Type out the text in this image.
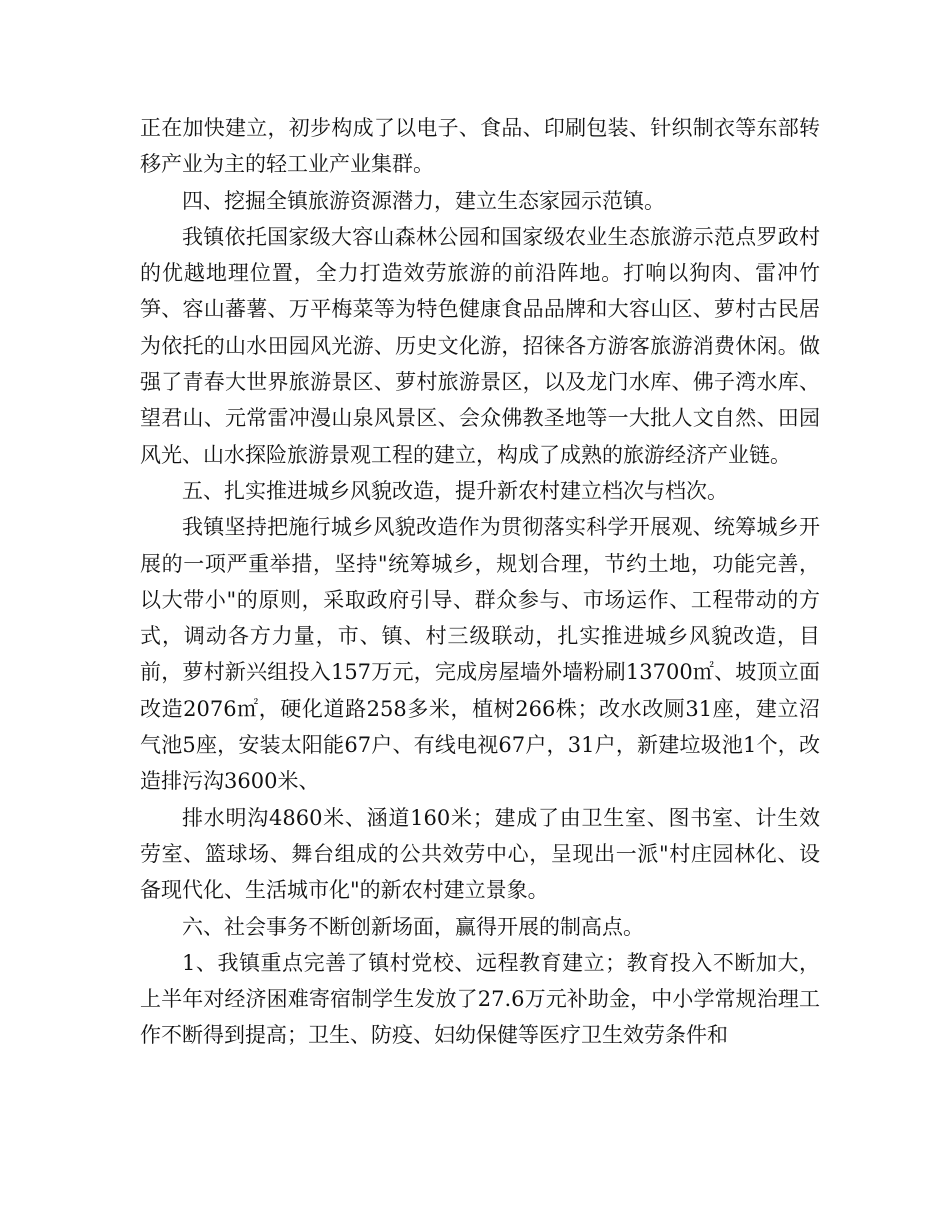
正在加快建立，初步构成了以电子、食品、印刷包装、针织制衣等东部转移产业为主的轻工业产业集群。

四、挖掘全镇旅游资源潜力，建立生态家园示范镇。

我镇依托国家级大容山森林公园和国家级农业生态旅游示范点罗政村的优越地理位置，全力打造效劳旅游的前沿阵地。打响以狗肉、雷冲竹笋、容山蕃薯、万平梅菜等为特色健康食品品牌和大容山区、萝村古民居为依托的山水田园风光游、历史文化游，招徕各方游客旅游消费休闲。做强了青春大世界旅游景区、萝村旅游景区，以及龙门水库、佛子湾水库、望君山、元常雷冲漫山泉风景区、会众佛教圣地等一大批人文自然、田园风光、山水探险旅游景观工程的建立，构成了成熟的旅游经济产业链。

五、扎实推进城乡风貌改造，提升新农村建立档次与档次。

我镇坚持把施行城乡风貌改造作为贯彻落实科学开展观、统筹城乡开展的一项严重举措，坚持"统筹城乡，规划合理，节约土地，功能完善，以大带小"的原则，采取政府引导、群众参与、市场运作、工程带动的方式，调动各方力量，市、镇、村三级联动，扎实推进城乡风貌改造，目前，萝村新兴组投入157万元，完成房屋墙外墙粉刷13700㎡、坡顶立面改造2076㎡，硬化道路258多米，植树266株；改水改厕31座，建立沼气池5座，安装太阳能67户、有线电视67户，31户，新建垃圾池1个，改造排污沟3600米、

排水明沟4860米、涵道160米；建成了由卫生室、图书室、计生效劳室、篮球场、舞台组成的公共效劳中心，呈现出一派"村庄园林化、设备现代化、生活城市化"的新农村建立景象。

六、社会事务不断创新场面，赢得开展的制高点。

1、我镇重点完善了镇村党校、远程教育建立；教育投入不断加大，上半年对经济困难寄宿制学生发放了27.6万元补助金，中小学常规治理工作不断得到提高；卫生、防疫、妇幼保健等医疗卫生效劳条件和
